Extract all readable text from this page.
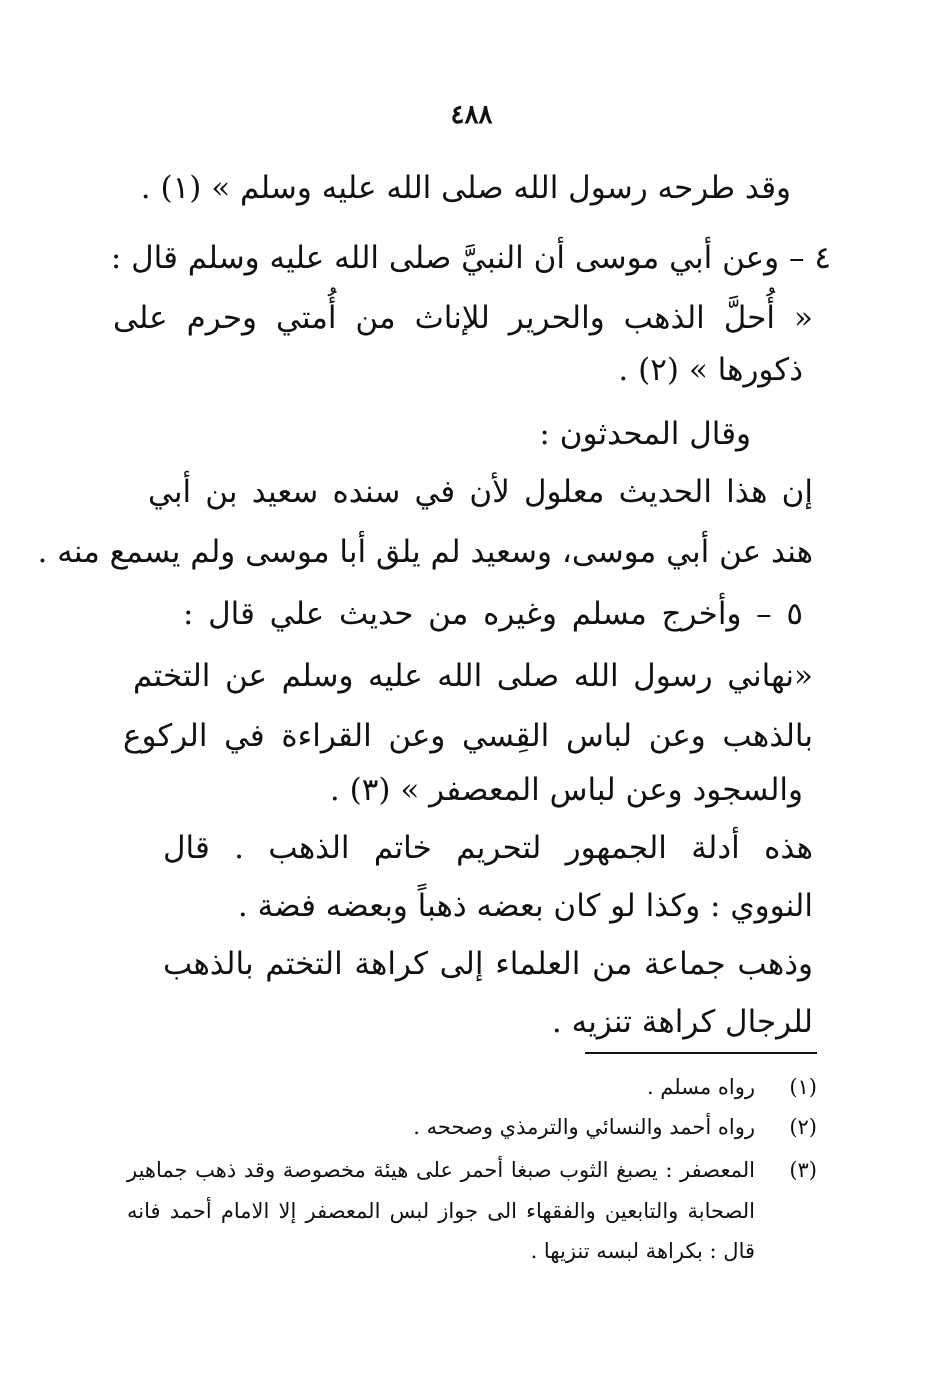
٤٨٨
وقد طرحه رسول الله صلى الله عليه وسلم » (١) .
٤ – وعن أبي موسى أن النبيَّ صلى الله عليه وسلم قال :
« أُحلَّ الذهب والحرير للإناث من أُمتي وحرم على
ذكورها » (٢) .
وقال المحدثون :
إن هذا الحديث معلول لأن في سنده سعيد بن أبي
هند عن أبي موسى، وسعيد لم يلق أبا موسى ولم يسمع منه .
٥ – وأخرج مسلم وغيره من حديث علي قال :
«نهاني رسول الله صلى الله عليه وسلم عن التختم
بالذهب وعن لباس القِسي وعن القراءة في الركوع
والسجود وعن لباس المعصفر » (٣) .
هذه أدلة الجمهور لتحريم خاتم الذهب . قال
النووي : وكذا لو كان بعضه ذهباً وبعضه فضة .
وذهب جماعة من العلماء إلى كراهة التختم بالذهب
للرجال كراهة تنزيه .
(١)
رواه مسلم .
(٢)
رواه أحمد والنسائي والترمذي وصححه .
(٣)
المعصفر : يصبغ الثوب صبغا أحمر على هيئة مخصوصة وقد ذهب جماهير
الصحابة والتابعين والفقهاء الى جواز لبس المعصفر إلا الامام أحمد فانه
قال : بكراهة لبسه تنزيها .
